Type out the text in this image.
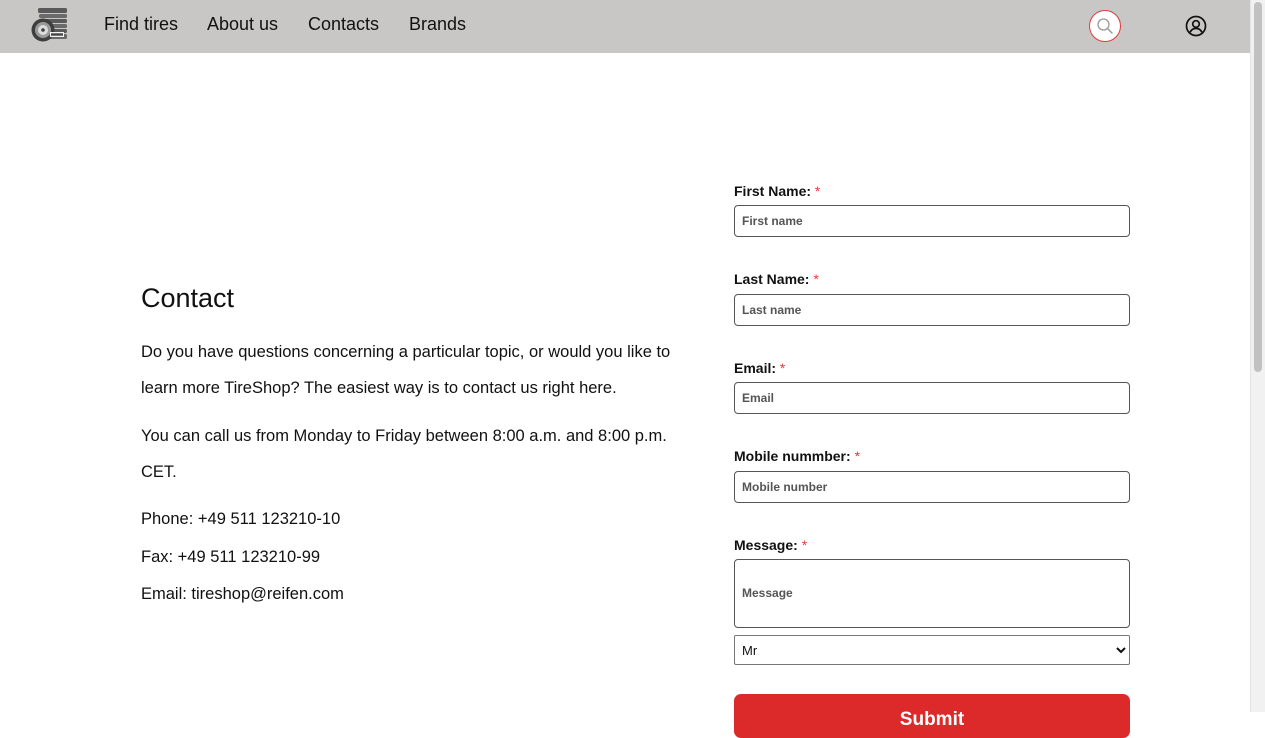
Find tires About us Contacts Brands
Contact

Do you have questions concerning a particular topic, or would you like to learn more TireShop? The easiest way is to contact us right here.

You can call us from Monday to Friday between 8:00 a.m. and 8:00 p.m. CET.

Phone: +49 511 123210-10
Fax: +49 511 123210-99
Email: tireshop@reifen.com
First Name: *
First name
Last Name: *
Last name
Email: *
Email
Mobile nummber: *
Mobile number
Message: *
Message
Mr
Submit
